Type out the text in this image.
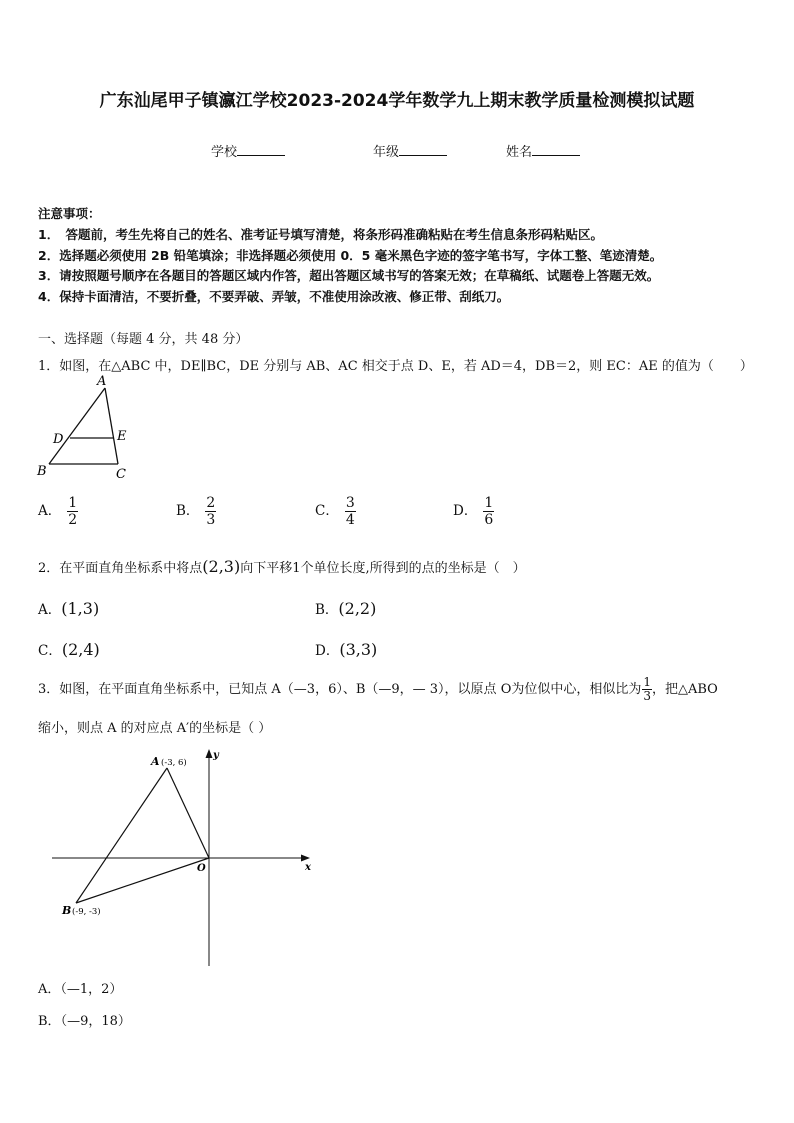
广东汕尾甲子镇瀛江学校2023-2024学年数学九上期末教学质量检测模拟试题
学校	年级	姓名
注意事项：
1．　答题前，考生先将自己的姓名、准考证号填写清楚，将条形码准确粘贴在考生信息条形码粘贴区。
2．选择题必须使用 2B 铅笔填涂；非选择题必须使用 0．5 毫米黑色字迹的签字笔书写，字体工整、笔迹清楚。
3．请按照题号顺序在各题目的答题区域内作答，超出答题区域书写的答案无效；在草稿纸、试题卷上答题无效。
4．保持卡面清洁，不要折叠，不要弄破、弄皱，不准使用涂改液、修正带、刮纸刀。
一、选择题（每题 4 分，共 48 分）
1．如图，在△ABC 中，DE∥BC，DE 分别与 AB、AC 相交于点 D、E，若 AD＝4，DB＝2，则 EC：AE 的值为（　　）
A
D	E
B	C
A． $\frac{1}{2}$	B． $\frac{2}{3}$	C． $\frac{3}{4}$	D． $\frac{1}{6}$
2．在平面直角坐标系中将点(2,3)向下平移1个单位长度,所得到的点的坐标是（　）
A．(1,3)	B．(2,2)
C．(2,4)	D．(3,3)
3．如图，在平面直角坐标系中，已知点 A（—3，6）、B（—9，— 3），以原点 O为位似中心，相似比为 $\frac{1}{3}$ ，把△ABO
缩小，则点 A 的对应点 A′的坐标是（ ）
A (-3, 6)
B (-9, -3)
O	x
y
A．（—1，2）
B．（—9，18）
